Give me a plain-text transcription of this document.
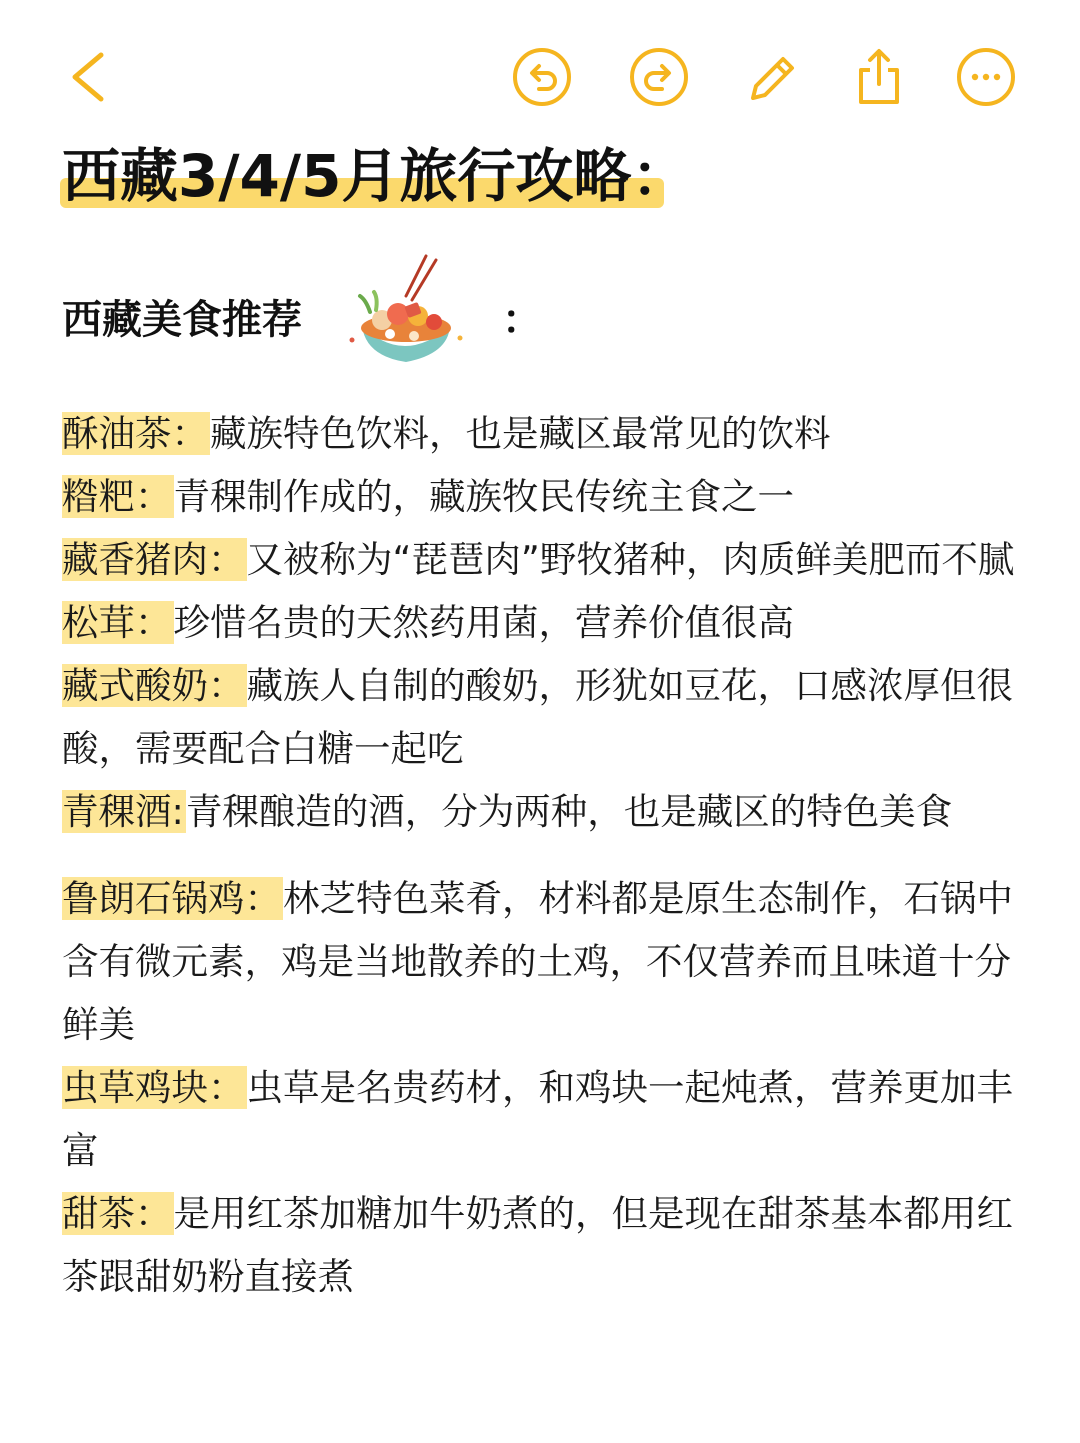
西藏3/4/5月旅行攻略：
西藏美食推荐	：

酥油茶：藏族特色饮料，也是藏区最常见的饮料

糌粑：青稞制作成的，藏族牧民传统主食之一

藏香猪肉：又被称为“琵琶肉”野牧猪种，肉质鲜美肥而不腻

松茸：珍惜名贵的天然药用菌，营养价值很高

藏式酸奶：藏族人自制的酸奶，形犹如豆花，口感浓厚但很酸，需要配合白糖一起吃

青稞酒:青稞酿造的酒，分为两种，也是藏区的特色美食

鲁朗石锅鸡：林芝特色菜肴，材料都是原生态制作，石锅中含有微元素，鸡是当地散养的土鸡，不仅营养而且味道十分鲜美

虫草鸡块：虫草是名贵药材，和鸡块一起炖煮，营养更加丰富

甜茶：是用红茶加糖加牛奶煮的，但是现在甜茶基本都用红茶跟甜奶粉直接煮
